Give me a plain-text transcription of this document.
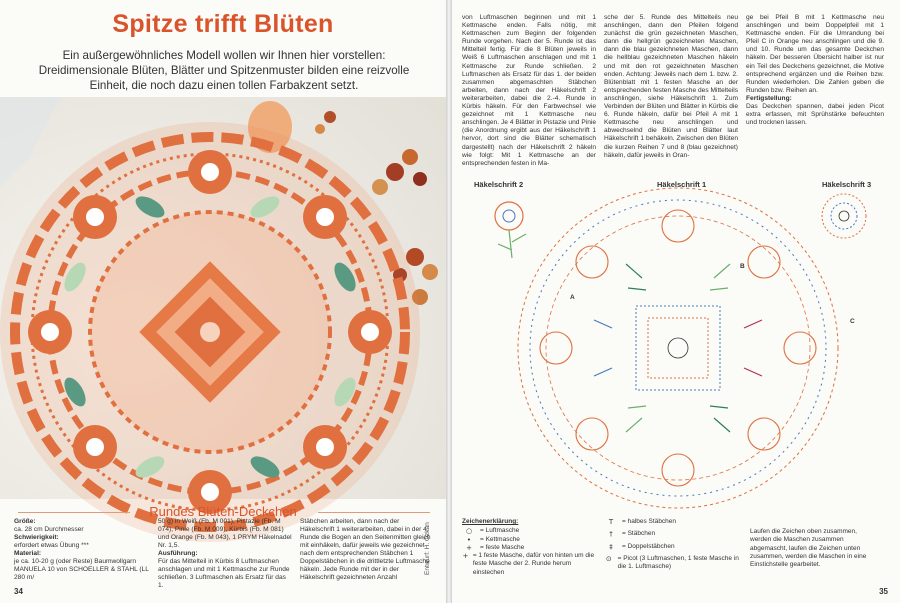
Spitze trifft Blüten
Ein außergewöhnliches Modell wollen wir Ihnen hier vorstellen: Dreidimensionale Blüten, Blätter und Spitzenmuster bilden eine reizvolle Einheit, die noch dazu einen tollen Farbakzent setzt.
Entwurf: H. Özkan
Rundes Blüten-Deckchen
Größe:
ca. 28 cm Durchmesser
Schwierigkeit:
erfordert etwas Übung ***
Material:
je ca. 10-20 g (oder Reste) Baumwollgarn MANUELA 10 von SCHOELLER & STAHL (LL 280 m/
50 g) in Weiß (Fb. M 001), Pistazie (Fb. M 074), Pinie (Fb. M 009), Kürbis (Fb. M 081) und Orange (Fb. M 043), 1 PRYM Häkelnadel Nr. 1,5.
Ausführung:
Für das Mittelteil in Kürbis 8 Luftmaschen anschlagen und mit 1 Kettmasche zur Runde schließen. 3 Luftmaschen als Ersatz für das 1.
Stäbchen arbeiten, dann nach der Häkelschrift 1 weiterarbeiten, dabei in der 4. Runde die Bogen an den Seitenmitten gleich mit einhäkeln, dafür jeweils wie gezeichnet nach dem entsprechenden Stäbchen 1 Doppelstäbchen in die drittletzte Luftmasche häkeln. Jede Runde mit der in der Häkelschrift gezeichneten Anzahl
34
von Luftmaschen beginnen und mit 1 Kettmasche enden. Falls nötig, mit Kettmaschen zum Beginn der folgenden Runde vorgehen. Nach der 5. Runde ist das Mittelteil fertig. Für die 8 Blüten jeweils in Weiß 6 Luftmaschen anschlagen und mit 1 Kettmasche zur Runde schließen. 2 Luftmaschen als Ersatz für das 1. der beiden zusammen abgemaschten Stäbchen arbeiten, dann nach der Häkelschrift 2 weiterarbeiten, dabei die 2.-4. Runde in Kürbis häkeln. Für den Farbwechsel wie gezeichnet mit 1 Kettmasche neu anschlingen. Je 4 Blätter in Pistazie und Pinie (die Anordnung ergibt aus der Häkelschrift 1 hervor, dort sind die Blätter schematisch dargestellt) nach der Häkelschrift 2 häkeln wie folgt: Mit 1 Kettmasche an der entsprechenden festen in Ma-
sche der 5. Runde des Mittelteils neu anschlingen, dann den Pfeilen folgend zunächst die grün gezeichneten Maschen, dann die hellgrün gezeichneten Maschen, dann die blau gezeichneten Maschen, dann die hellblau gezeichneten Maschen häkeln und mit den rot gezeichneten Maschen enden. Achtung: Jeweils nach dem 1. bzw. 2. Blütenblatt mit 1 festen Masche an der entsprechenden festen Masche des Mittelteils anschlingen, siehe Häkelschrift 1. Zum Verbinden der Blüten und Blätter in Kürbis die 6. Runde häkeln, dafür bei Pfeil A mit 1 Kettmasche neu anschlingen und abwechselnd die Blüten und Blätter laut Häkelschrift 1 behäkeln. Zwischen den Blüten die kurzen Reihen 7 und 8 (blau gezeichnet) häkeln, dafür jeweils in Oran-
ge bei Pfeil B mit 1 Kettmasche neu anschlingen und beim Doppelpfeil mit 1 Kettmasche enden. Für die Umrandung bei Pfeil C in Orange neu anschlingen und die 9. und 10. Runde um das gesamte Deckchen häkeln. Der besseren Übersicht halber ist nur ein Teil des Deckchens gezeichnet, die Motive entsprechend ergänzen und die Reihen bzw. Runden wiederholen. Die Zahlen geben die Runden bzw. Reihen an.
Fertigstellung:
Das Deckchen spannen, dabei jeden Picot extra erfassen, mit Sprühstärke befeuchten und trocknen lassen.
Häkelschrift 2	Häkelschrift 1	Häkelschrift 3
A
B
C
Zeichenerklärung:
○	= Luftmasche
•	= Kettmasche
+	= feste Masche
+ = 1 feste Masche, dafür von hinten um die feste Masche der 2. Runde herum einstechen
T	= halbes Stäbchen
†	= Stäbchen
‡	= Doppelstäbchen
⊙ = Picot (3 Luftmaschen, 1 feste Masche in die 1. Luftmasche)
Laufen die Zeichen oben zusammen, werden die Maschen zusammen abgemascht, laufen die Zeichen unten zusammen, werden die Maschen in eine Einstichstelle gearbeitet.
35
